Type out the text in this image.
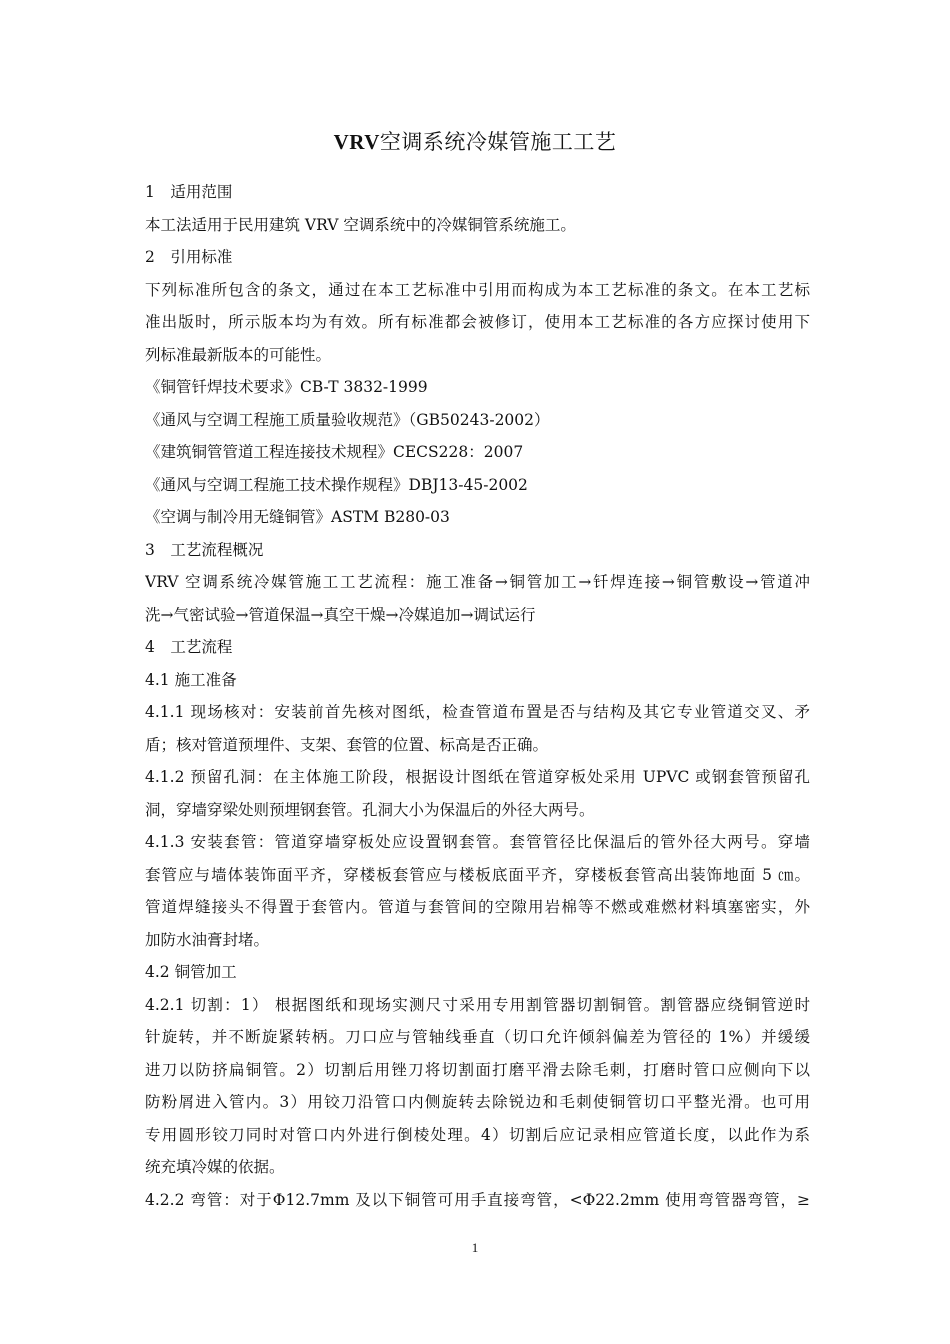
VRV空调系统冷媒管施工工艺
1　适用范围
本工法适用于民用建筑 VRV 空调系统中的冷媒铜管系统施工。
2　引用标准
下列标准所包含的条文，通过在本工艺标准中引用而构成为本工艺标准的条文。在本工艺标
准出版时，所示版本均为有效。所有标准都会被修订，使用本工艺标准的各方应探讨使用下
列标准最新版本的可能性。
《铜管钎焊技术要求》CB-T 3832-1999
《通风与空调工程施工质量验收规范》（GB50243-2002）
《建筑铜管管道工程连接技术规程》CECS228：2007
《通风与空调工程施工技术操作规程》DBJ13-45-2002
《空调与制冷用无缝铜管》ASTM B280-03
3　工艺流程概况
VRV 空调系统冷媒管施工工艺流程：施工准备→铜管加工→钎焊连接→铜管敷设→管道冲
洗→气密试验→管道保温→真空干燥→冷媒追加→调试运行
4　工艺流程
4.1 施工准备
4.1.1 现场核对：安装前首先核对图纸，检查管道布置是否与结构及其它专业管道交叉、矛
盾；核对管道预埋件、支架、套管的位置、标高是否正确。
4.1.2 预留孔洞：在主体施工阶段，根据设计图纸在管道穿板处采用 UPVC 或钢套管预留孔
洞，穿墙穿梁处则预埋钢套管。孔洞大小为保温后的外径大两号。
4.1.3 安装套管：管道穿墙穿板处应设置钢套管。套管管径比保温后的管外径大两号。穿墙
套管应与墙体装饰面平齐，穿楼板套管应与楼板底面平齐，穿楼板套管高出装饰地面 5 ㎝。
管道焊缝接头不得置于套管内。管道与套管间的空隙用岩棉等不燃或难燃材料填塞密实，外
加防水油膏封堵。
4.2 铜管加工
4.2.1 切割：1） 根据图纸和现场实测尺寸采用专用割管器切割铜管。割管器应绕铜管逆时
针旋转，并不断旋紧转柄。刀口应与管轴线垂直（切口允许倾斜偏差为管径的 1%）并缓缓
进刀以防挤扁铜管。2）切割后用锉刀将切割面打磨平滑去除毛刺，打磨时管口应侧向下以
防粉屑进入管内。3）用铰刀沿管口内侧旋转去除锐边和毛刺使铜管切口平整光滑。也可用
专用圆形铰刀同时对管口内外进行倒棱处理。4）切割后应记录相应管道长度，以此作为系
统充填冷媒的依据。
4.2.2 弯管：对于Φ12.7mm 及以下铜管可用手直接弯管，<Φ22.2mm 使用弯管器弯管，≥
1
